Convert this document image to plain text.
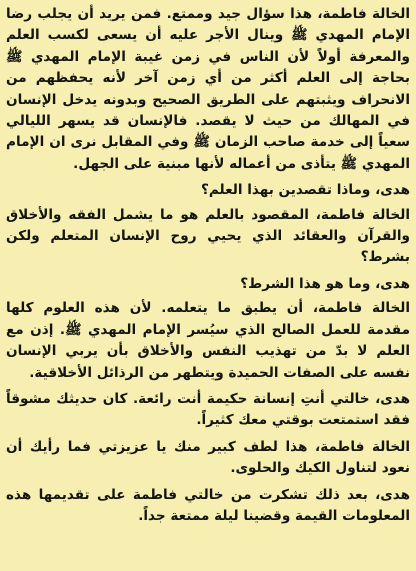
الخالة فاطمة، هذا سؤال جيد وممتع. فمن يريد أن يجلب رضا الإمام المهدي ﷺ وينال الأجر عليه أن يسعى لكسب العلم والمعرفة أولاً لأن الناس في زمن غيبة الإمام المهدي ﷺ بحاجة إلى العلم أكثر من أي زمن آخر لأنه يحفظهم من الانحراف ويثبتهم على الطريق الصحيح وبدونه يدخل الإنسان في المهالك من حيث لا يقصد. فالإنسان قد يسهر الليالي سعياً إلى خدمة صاحب الزمان ﷺ وفي المقابل نرى ان الإمام المهدي ﷺ يتأذى من أعماله لأنها مبنية على الجهل.

هدى، وماذا تقصدين بهذا العلم؟

الخالة فاطمة، المقصود بالعلم هو ما يشمل الفقه والأخلاق والقرآن والعقائد الذي يحيي روح الإنسان المتعلم ولكن بشرط؟

هدى، وما هو هذا الشرط؟

الخالة فاطمة، أن يطبق ما يتعلمه. لأن هذه العلوم كلها مقدمة للعمل الصالح الذي سيُسر الإمام المهدي ﷺ. إذن مع العلم لا بدّ من تهذيب النفس والأخلاق بأن يربي الإنسان نفسه على الصفات الحميدة ويتطهر من الرذائل الأخلاقية.

هدى، خالتي أنتِ إنسانة حكيمة أنت رائعة. كان حديثك مشوقاً فقد استمتعت بوقتي معك كثيراً.

الخالة فاطمة، هذا لطف كبير منك يا عزيزتي فما رأيك أن نعود لتناول الكيك والحلوى.

هدى، بعد ذلك تشكرت من خالتي فاطمة على تقديمها هذه المعلومات القيمة وقضينا ليلة ممتعة جداً.
